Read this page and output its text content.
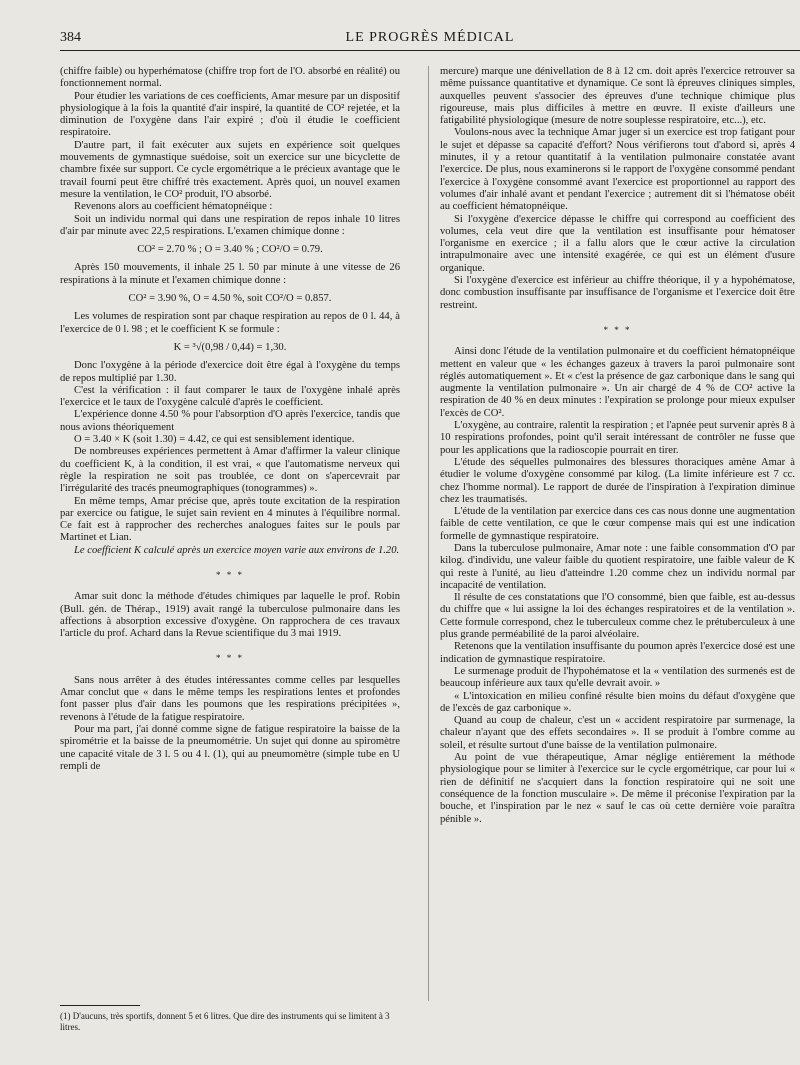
384	LE PROGRÈS MÉDICAL

(chiffre faible) ou hyperhématose (chiffre trop fort de l'O. absorbé en réalité) ou fonctionnement normal.

Pour étudier les variations de ces coefficients, Amar mesure par un dispositif physiologique à la fois la quantité d'air inspiré, la quantité de CO² rejetée, et la diminution de l'oxygène dans l'air expiré ; d'où il étudie le coefficient respiratoire.

D'autre part, il fait exécuter aux sujets en expérience soit quelques mouvements de gymnastique suédoise, soit un exercice sur une bicyclette de chambre fixée sur support. Ce cycle ergométrique a le précieux avantage que le travail fourni peut être chiffré très exactement. Après quoi, un nouvel examen mesure la ventilation, le CO² produit, l'O absorbé.

Revenons alors au coefficient hématopnéique :

Soit un individu normal qui dans une respiration de repos inhale 10 litres d'air par minute avec 22,5 respirations. L'examen chimique donne :

CO² = 2.70 % ; O = 3.40 % ; CO²/O = 0.79.

Après 150 mouvements, il inhale 25 l. 50 par minute à une vitesse de 26 respirations à la minute et l'examen chimique donne :

CO² = 3.90 %, O = 4.50 %, soit CO²/O = 0.857.

Les volumes de respiration sont par chaque respiration au repos de 0 l. 44, à l'exercice de 0 l. 98 ; et le coefficient K se formule :

K = ³√(0,98 / 0,44) = 1,30.

Donc l'oxygène à la période d'exercice doit être égal à l'oxygène du temps de repos multiplié par 1.30.

C'est la vérification : il faut comparer le taux de l'oxygène inhalé après l'exercice et le taux de l'oxygène calculé d'après le coefficient.

L'expérience donne 4.50 % pour l'absorption d'O après l'exercice, tandis que nous avions théoriquement

O = 3.40 × K (soit 1.30) = 4.42, ce qui est sensiblement identique.

De nombreuses expériences permettent à Amar d'affirmer la valeur clinique du coefficient K, à la condition, il est vrai, « que l'automatisme nerveux qui règle la respiration ne soit pas troublée, ce dont on s'apercevrait par l'irrégularité des tracés pneumographiques (tonogrammes) ».

En même temps, Amar précise que, après toute excitation de la respiration par exercice ou fatigue, le sujet sain revient en 4 minutes à l'équilibre normal. Ce fait est à rapprocher des recherches analogues faites sur le pouls par Martinet et Lian.

Le coefficient K calculé après un exercice moyen varie aux environs de 1.20.

* * *

Amar suit donc la méthode d'études chimiques par laquelle le prof. Robin (Bull. gén. de Thérap., 1919) avait rangé la tuberculose pulmonaire dans les affections à absorption excessive d'oxygène. On rapprochera de ces travaux l'article du prof. Achard dans la Revue scientifique du 3 mai 1919.

* * *

Sans nous arrêter à des études intéressantes comme celles par lesquelles Amar conclut que « dans le même temps les respirations lentes et profondes font passer plus d'air dans les poumons que les respirations précipitées », revenons à l'étude de la fatigue respiratoire.

Pour ma part, j'ai donné comme signe de fatigue respiratoire la baisse de la spirométrie et la baisse de la pneumométrie. Un sujet qui donne au spiromètre une capacité vitale de 3 l. 5 ou 4 l. (1), qui au pneumomètre (simple tube en U rempli de

mercure) marque une dénivellation de 8 à 12 cm. doit après l'exercice retrouver sa même puissance quantitative et dynamique. Ce sont là épreuves cliniques simples, auxquelles peuvent s'associer des épreuves d'une technique chimique plus rigoureuse, mais plus difficiles à mettre en œuvre. Il existe d'ailleurs une fatigabilité physiologique (mesure de notre souplesse respiratoire, etc...), etc.

Voulons-nous avec la technique Amar juger si un exercice est trop fatigant pour le sujet et dépasse sa capacité d'effort? Nous vérifierons tout d'abord si, après 4 minutes, il y a retour quantitatif à la ventilation pulmonaire constatée avant l'exercice. De plus, nous examinerons si le rapport de l'oxygène consommé pendant l'exercice à l'oxygène consommé avant l'exercice est proportionnel au rapport des volumes d'air inhalé avant et pendant l'exercice ; autrement dit si l'hématose obéit au coefficient hématopnéique.

Si l'oxygène d'exercice dépasse le chiffre qui correspond au coefficient des volumes, cela veut dire que la ventilation est insuffisante pour hématoser l'organisme en exercice ; il a fallu alors que le cœur active la circulation intrapulmonaire avec une intensité exagérée, ce qui est un élément d'usure organique.

Si l'oxygène d'exercice est inférieur au chiffre théorique, il y a hypohématose, donc combustion insuffisante par insuffisance de l'organisme et l'exercice doit être restreint.

* * *

Ainsi donc l'étude de la ventilation pulmonaire et du coefficient hématopnéique mettent en valeur que « les échanges gazeux à travers la paroi pulmonaire sont réglés automatiquement ». Et « c'est la présence de gaz carbonique dans le sang qui augmente la ventilation pulmonaire ». Un air chargé de 4 % de CO² active la respiration de 40 % en deux minutes : l'expiration se prolonge pour mieux expulser l'excès de CO².

L'oxygène, au contraire, ralentit la respiration ; et l'apnée peut survenir après 8 à 10 respirations profondes, point qu'il serait intéressant de contrôler ne fusse que pour les applications que la radioscopie pourrait en tirer.

L'étude des séquelles pulmonaires des blessures thoraciques amène Amar à étudier le volume d'oxygène consommé par kilog. (La limite inférieure est 7 cc. chez l'homme normal). Le rapport de durée de l'inspiration à l'expiration diminue chez les traumatisés.

L'étude de la ventilation par exercice dans ces cas nous donne une augmentation faible de cette ventilation, ce que le cœur compense mais qui est une indication formelle de gymnastique respiratoire.

Dans la tuberculose pulmonaire, Amar note : une faible consommation d'O par kilog. d'individu, une valeur faible du quotient respiratoire, une faible valeur de K qui reste à l'unité, au lieu d'atteindre 1.20 comme chez un individu normal par incapacité de ventilation.

Il résulte de ces constatations que l'O consommé, bien que faible, est au-dessus du chiffre que « lui assigne la loi des échanges respiratoires et de la ventilation ». Cette formule correspond, chez le tuberculeux comme chez le prétuberculeux à une plus grande perméabilité de la paroi alvéolaire.

Retenons que la ventilation insuffisante du poumon après l'exercice dosé est une indication de gymnastique respiratoire.

Le surmenage produit de l'hypohématose et la « ventilation des surmenés est de beaucoup inférieure aux taux qu'elle devrait avoir. »

« L'intoxication en milieu confiné résulte bien moins du défaut d'oxygène que de l'excès de gaz carbonique ».

Quand au coup de chaleur, c'est un « accident respiratoire par surmenage, la chaleur n'ayant que des effets secondaires ». Il se produit à l'ombre comme au soleil, et résulte surtout d'une baisse de la ventilation pulmonaire.

Au point de vue thérapeutique, Amar néglige entièrement la méthode physiologique pour se limiter à l'exercice sur le cycle ergométrique, car pour lui « rien de définitif ne s'acquiert dans la fonction respiratoire qui ne soit une conséquence de la fonction musculaire ». De même il préconise l'expiration par la bouche, et l'inspiration par le nez « sauf le cas où cette dernière voie paraîtra pénible ».

(1) D'aucuns, très sportifs, donnent 5 et 6 litres. Que dire des instruments qui se limitent à 3 litres.
